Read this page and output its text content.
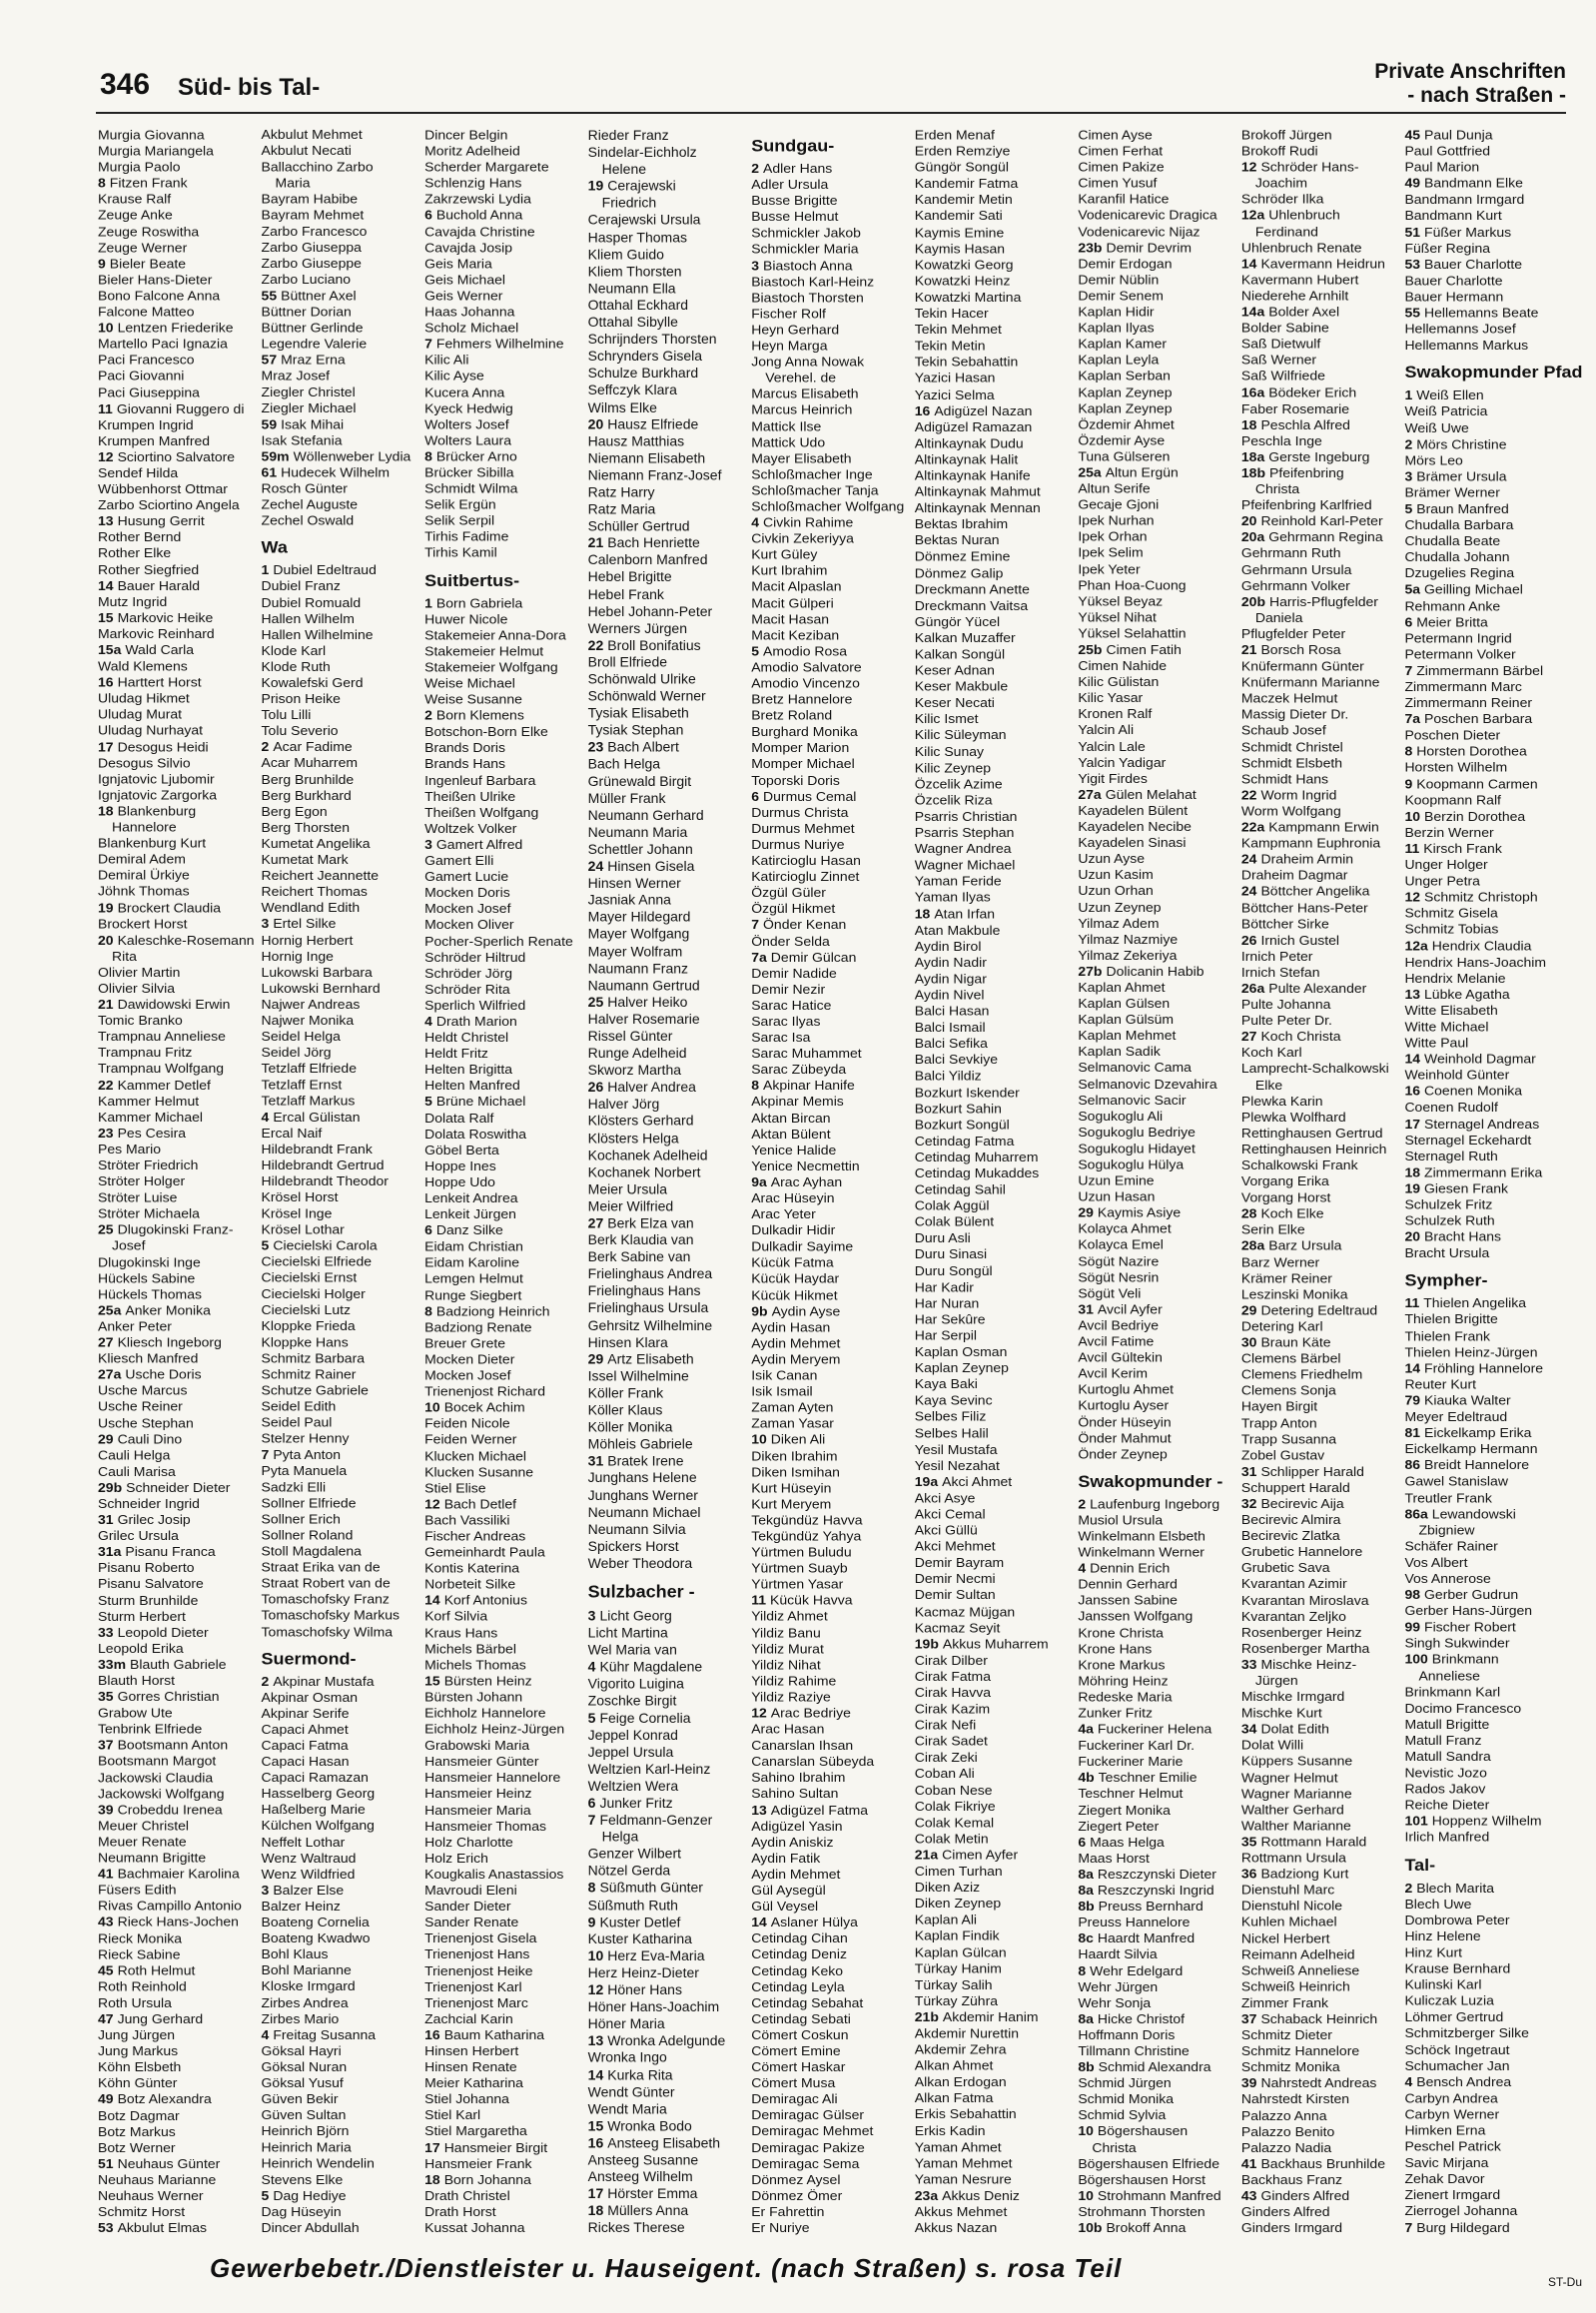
346 Süd- bis Tal-
Private Anschriften
- nach Straßen -
Murgia Giovanna
Murgia Mariangela
Murgia Paolo
8 Fitzen Frank
Krause Ralf
Zeuge Anke
Zeuge Roswitha
Zeuge Werner
9 Bieler Beate
Bieler Hans-Dieter
Bono Falcone Anna
Falcone Matteo
10 Lentzen Friederike
Martello Paci Ignazia
Paci Francesco
Paci Giovanni
Paci Giuseppina
11 Giovanni Ruggero di
Krumpen Ingrid
Krumpen Manfred
12 Sciortino Salvatore
Sendef Hilda
Wübbenhorst Ottmar
Zarbo Sciortino Angela
13 Husung Gerrit
Rother Bernd
Rother Elke
Rother Siegfried
14 Bauer Harald
Mutz Ingrid
15 Markovic Heike
Markovic Reinhard
15a Wald Carla
Wald Klemens
16 Harttert Horst
Uludag Hikmet
Uludag Murat
Uludag Nurhayat
17 Desogus Heidi
Desogus Silvio
Ignjatovic Ljubomir
Ignjatovic Zargorka
18 Blankenburg
Hannelore
Blankenburg Kurt
Demiral Adem
Demiral Ürkiye
Jöhnk Thomas
19 Brockert Claudia
Brockert Horst
20 Kaleschke-Rosemann
Rita
Olivier Martin
Olivier Silvia
21 Dawidowski Erwin
Tomic Branko
Trampnau Anneliese
Trampnau Fritz
Trampnau Wolfgang
22 Kammer Detlef
Kammer Helmut
Kammer Michael
23 Pes Cesira
Pes Mario
Ströter Friedrich
Ströter Holger
Ströter Luise
Ströter Michaela
25 Dlugokinski Franz-
Josef
Dlugokinski Inge
Hückels Sabine
Hückels Thomas
25a Anker Monika
Anker Peter
27 Kliesch Ingeborg
Kliesch Manfred
27a Usche Doris
Usche Marcus
Usche Reiner
Usche Stephan
29 Cauli Dino
Cauli Helga
Cauli Marisa
29b Schneider Dieter
Schneider Ingrid
31 Grilec Josip
Grilec Ursula
31a Pisanu Franca
Pisanu Roberto
Pisanu Salvatore
Sturm Brunhilde
Sturm Herbert
33 Leopold Dieter
Leopold Erika
33m Blauth Gabriele
Blauth Horst
35 Gorres Christian
Grabow Ute
Tenbrink Elfriede
37 Bootsmann Anton
Bootsmann Margot
Jackowski Claudia
Jackowski Wolfgang
39 Crobeddu Irenea
Meuer Christel
Meuer Renate
Neumann Brigitte
41 Bachmaier Karolina
Füsers Edith
Rivas Campillo Antonio
43 Rieck Hans-Jochen
Rieck Monika
Rieck Sabine
45 Roth Helmut
Roth Reinhold
Roth Ursula
47 Jung Gerhard
Jung Jürgen
Jung Markus
Köhn Elsbeth
Köhn Günter
49 Botz Alexandra
Botz Dagmar
Botz Markus
Botz Werner
51 Neuhaus Günter
Neuhaus Marianne
Neuhaus Werner
Schmitz Horst
53 Akbulut Elmas
Akbulut Mehmet
Akbulut Necati
Ballacchino Zarbo
Maria
Bayram Habibe
Bayram Mehmet
Zarbo Francesco
Zarbo Giuseppa
Zarbo Giuseppe
Zarbo Luciano
55 Büttner Axel
Büttner Dorian
Büttner Gerlinde
Legendre Valerie
57 Mraz Erna
Mraz Josef
Ziegler Christel
Ziegler Michael
59 Isak Mihai
Isak Stefania
59m Wöllenweber Lydia
61 Hudecek Wilhelm
Rosch Günter
Zechel Auguste
Zechel Oswald
Wa
1 Dubiel Edeltraud
Dubiel Franz
Dubiel Romuald
Hallen Wilhelm
Hallen Wilhelmine
Klode Karl
Klode Ruth
Kowalefski Gerd
Prison Heike
Tolu Lilli
Tolu Severio
2 Acar Fadime
Acar Muharrem
Berg Brunhilde
Berg Burkhard
Berg Egon
Berg Thorsten
Kumetat Angelika
Kumetat Mark
Reichert Jeannette
Reichert Thomas
Wendland Edith
3 Ertel Silke
Hornig Herbert
Hornig Inge
Lukowski Barbara
Lukowski Bernhard
Najwer Andreas
Najwer Monika
Seidel Helga
Seidel Jörg
Tetzlaff Elfriede
Tetzlaff Ernst
Tetzlaff Markus
4 Ercal Gülistan
Ercal Naif
Hildebrandt Frank
Hildebrandt Gertrud
Hildebrandt Theodor
Krösel Horst
Krösel Inge
Krösel Lothar
5 Ciecielski Carola
Ciecielski Elfriede
Ciecielski Ernst
Ciecielski Holger
Ciecielski Lutz
Kloppke Frieda
Kloppke Hans
Schmitz Barbara
Schmitz Rainer
Schutze Gabriele
Seidel Edith
Seidel Paul
Stelzer Henny
7 Pyta Anton
Pyta Manuela
Sadzki Elli
Sollner Elfriede
Sollner Erich
Sollner Roland
Stoll Magdalena
Straat Erika van de
Straat Robert van de
Tomaschofsky Franz
Tomaschofsky Markus
Tomaschofsky Wilma
Suermond-
2 Akpinar Mustafa
Akpinar Osman
Akpinar Serife
Capaci Ahmet
Capaci Fatma
Capaci Hasan
Capaci Ramazan
Hasselberg Georg
Haßelberg Marie
Külchen Wolfgang
Neffelt Lothar
Wenz Waltraud
Wenz Wildfried
3 Balzer Else
Balzer Heinz
Boateng Cornelia
Boateng Kwadwo
Bohl Klaus
Bohl Marianne
Kloske Irmgard
Zirbes Andrea
Zirbes Mario
4 Freitag Susanna
Göksal Hayri
Göksal Nuran
Göksal Yusuf
Güven Bekir
Güven Sultan
Heinrich Björn
Heinrich Maria
Heinrich Wendelin
Stevens Elke
5 Dag Hediye
Dag Hüseyin
Dincer Abdullah
Dincer Belgin
Moritz Adelheid
Scherder Margarete
Schlenzig Hans
Zakrzewski Lydia
6 Buchold Anna
Cavajda Christine
Cavajda Josip
Geis Maria
Geis Michael
Geis Werner
Haas Johanna
Scholz Michael
7 Fehmers Wilhelmine
Kilic Ali
Kilic Ayse
Kucera Anna
Kyeck Hedwig
Wolters Josef
Wolters Laura
8 Brücker Arno
Brücker Sibilla
Schmidt Wilma
Selik Ergün
Selik Serpil
Tirhis Fadime
Tirhis Kamil
Suitbertus-
1 Born Gabriela
Huwer Nicole
Stakemeier Anna-Dora
Stakemeier Helmut
Stakemeier Wolfgang
Weise Michael
Weise Susanne
2 Born Klemens
Botschon-Born Elke
Brands Doris
Brands Hans
Ingenleuf Barbara
Theißen Ulrike
Theißen Wolfgang
Woltzek Volker
3 Gamert Alfred
Gamert Elli
Gamert Lucie
Mocken Doris
Mocken Josef
Mocken Oliver
Pocher-Sperlich Renate
Schröder Hiltrud
Schröder Jörg
Schröder Rita
Sperlich Wilfried
4 Drath Marion
Heldt Christel
Heldt Fritz
Helten Brigitta
Helten Manfred
5 Brüne Michael
Dolata Ralf
Dolata Roswitha
Göbel Berta
Hoppe Ines
Hoppe Udo
Lenkeit Andrea
Lenkeit Jürgen
6 Danz Silke
Eidam Christian
Eidam Karoline
Lemgen Helmut
Runge Siegbert
8 Badziong Heinrich
Badziong Renate
Breuer Grete
Mocken Dieter
Mocken Josef
Trienenjost Richard
10 Bocek Achim
Feiden Nicole
Feiden Werner
Klucken Michael
Klucken Susanne
Stiel Elise
12 Bach Detlef
Bach Vassiliki
Fischer Andreas
Gemeinhardt Paula
Kontis Katerina
Norbeteit Silke
14 Korf Antonius
Korf Silvia
Kraus Hans
Michels Bärbel
Michels Thomas
15 Bürsten Heinz
Bürsten Johann
Eichholz Hannelore
Eichholz Heinz-Jürgen
Grabowski Maria
Hansmeier Günter
Hansmeier Hannelore
Hansmeier Heinz
Hansmeier Maria
Hansmeier Thomas
Holz Charlotte
Holz Erich
Kougkalis Anastassios
Mavroudi Eleni
Sander Dieter
Sander Renate
Trienenjost Gisela
Trienenjost Hans
Trienenjost Heike
Trienenjost Karl
Trienenjost Marc
Zachcial Karin
16 Baum Katharina
Hinsen Herbert
Hinsen Renate
Meier Katharina
Stiel Johanna
Stiel Karl
Stiel Margaretha
17 Hansmeier Birgit
Hansmeier Frank
18 Born Johanna
Drath Christel
Drath Horst
Kussat Johanna
Rieder Franz
Sindelar-Eichholz
Helene
19 Cerajewski
Friedrich
Cerajewski Ursula
Hasper Thomas
Kliem Guido
Kliem Thorsten
Neumann Ella
Ottahal Eckhard
Ottahal Sibylle
Schrijnders Thorsten
Schrynders Gisela
Schulze Burkhard
Seffczyk Klara
Wilms Elke
20 Hausz Elfriede
Hausz Matthias
Niemann Elisabeth
Niemann Franz-Josef
Ratz Harry
Ratz Maria
Schüller Gertrud
21 Bach Henriette
Calenborn Manfred
Hebel Brigitte
Hebel Frank
Hebel Johann-Peter
Werners Jürgen
22 Broll Bonifatius
Broll Elfriede
Schönwald Ulrike
Schönwald Werner
Tysiak Elisabeth
Tysiak Stephan
23 Bach Albert
Bach Helga
Grünewald Birgit
Müller Frank
Neumann Gerhard
Neumann Maria
Schettler Johann
24 Hinsen Gisela
Hinsen Werner
Jasniak Anna
Mayer Hildegard
Mayer Wolfgang
Mayer Wolfram
Naumann Franz
Naumann Gertrud
25 Halver Heiko
Halver Rosemarie
Rissel Günter
Runge Adelheid
Skworz Martha
26 Halver Andrea
Halver Jörg
Klösters Gerhard
Klösters Helga
Kochanek Adelheid
Kochanek Norbert
Meier Ursula
Meier Wilfried
27 Berk Elza van
Berk Klaudia van
Berk Sabine van
Frielinghaus Andrea
Frielinghaus Hans
Frielinghaus Ursula
Gehrsitz Wilhelmine
Hinsen Klara
29 Artz Elisabeth
Issel Wilhelmine
Köller Frank
Köller Klaus
Köller Monika
Möhleis Gabriele
31 Bratek Irene
Junghans Helene
Junghans Werner
Neumann Michael
Neumann Silvia
Spickers Horst
Weber Theodora
Sulzbacher -
3 Licht Georg
Licht Martina
Wel Maria van
4 Kühr Magdalene
Vigorito Luigina
Zoschke Birgit
5 Feige Cornelia
Jeppel Konrad
Jeppel Ursula
Weltzien Karl-Heinz
Weltzien Wera
6 Junker Fritz
7 Feldmann-Genzer
Helga
Genzer Wilbert
Nötzel Gerda
8 Süßmuth Günter
Süßmuth Ruth
9 Kuster Detlef
Kuster Katharina
10 Herz Eva-Maria
Herz Heinz-Dieter
12 Höner Hans
Höner Hans-Joachim
Höner Maria
13 Wronka Adelgunde
Wronka Ingo
14 Kurka Rita
Wendt Günter
Wendt Maria
15 Wronka Bodo
16 Ansteeg Elisabeth
Ansteeg Susanne
Ansteeg Wilhelm
17 Hörster Emma
18 Müllers Anna
Rickes Therese
Sundgau-
2 Adler Hans
Adler Ursula
Busse Brigitte
Busse Helmut
Schmickler Jakob
Schmickler Maria
3 Biastoch Anna
Biastoch Karl-Heinz
Biastoch Thorsten
Fischer Rolf
Heyn Gerhard
Heyn Marga
Jong Anna Nowak
Verehel. de
Marcus Elisabeth
Marcus Heinrich
Mattick Ilse
Mattick Udo
Mayer Elisabeth
Schloßmacher Inge
Schloßmacher Tanja
Schloßmacher Wolfgang
4 Civkin Rahime
Civkin Zekeriyya
Kurt Güley
Kurt Ibrahim
Macit Alpaslan
Macit Gülperi
Macit Hasan
Macit Keziban
5 Amodio Rosa
Amodio Salvatore
Amodio Vincenzo
Bretz Hannelore
Bretz Roland
Burghard Monika
Momper Marion
Momper Michael
Toporski Doris
6 Durmus Cemal
Durmus Christa
Durmus Mehmet
Durmus Nuriye
Katircioglu Hasan
Katircioglu Zinnet
Özgül Güler
Özgül Hikmet
7 Önder Kenan
Önder Selda
7a Demir Gülcan
Demir Nadide
Demir Nezir
Sarac Hatice
Sarac Ilyas
Sarac Isa
Sarac Muhammet
Sarac Zübeyda
8 Akpinar Hanife
Akpinar Memis
Aktan Bircan
Aktan Bülent
Yenice Halide
Yenice Necmettin
9a Arac Ayhan
Arac Hüseyin
Arac Yeter
Dulkadir Hidir
Dulkadir Sayime
Kücük Fatma
Kücük Haydar
Kücük Hikmet
9b Aydin Ayse
Aydin Hasan
Aydin Mehmet
Aydin Meryem
Isik Canan
Isik Ismail
Zaman Ayten
Zaman Yasar
10 Diken Ali
Diken Ibrahim
Diken Ismihan
Kurt Hüseyin
Kurt Meryem
Tekgündüz Havva
Tekgündüz Yahya
Yürtmen Buludu
Yürtmen Suayb
Yürtmen Yasar
11 Kücük Havva
Yildiz Ahmet
Yildiz Banu
Yildiz Murat
Yildiz Nihat
Yildiz Rahime
Yildiz Raziye
12 Arac Bedriye
Arac Hasan
Canarslan Ihsan
Canarslan Sübeyda
Sahino Ibrahim
Sahino Sultan
13 Adigüzel Fatma
Adigüzel Yasin
Aydin Aniskiz
Aydin Fatik
Aydin Mehmet
Gül Aysegül
Gül Veysel
14 Aslaner Hülya
Cetindag Cihan
Cetindag Deniz
Cetindag Keko
Cetindag Leyla
Cetindag Sebahat
Cetindag Sebati
Cömert Coskun
Cömert Emine
Cömert Haskar
Cömert Musa
Demiragac Ali
Demiragac Gülser
Demiragac Mehmet
Demiragac Pakize
Demiragac Sema
Dönmez Aysel
Dönmez Ömer
Er Fahrettin
Er Nuriye
Erden Menaf
Erden Remziye
Güngör Songül
Kandemir Fatma
Kandemir Metin
Kandemir Sati
Kaymis Emine
Kaymis Hasan
Kowatzki Georg
Kowatzki Heinz
Kowatzki Martina
Tekin Hacer
Tekin Mehmet
Tekin Metin
Tekin Sebahattin
Yazici Hasan
Yazici Selma
16 Adigüzel Nazan
Adigüzel Ramazan
Altinkaynak Dudu
Altinkaynak Halit
Altinkaynak Hanife
Altinkaynak Mahmut
Altinkaynak Mennan
Bektas Ibrahim
Bektas Nuran
Dönmez Emine
Dönmez Galip
Dreckmann Anette
Dreckmann Vaitsa
Güngör Yücel
Kalkan Muzaffer
Kalkan Songül
Keser Adnan
Keser Makbule
Keser Necati
Kilic Ismet
Kilic Süleyman
Kilic Sunay
Kilic Zeynep
Özcelik Azime
Özcelik Riza
Psarris Christian
Psarris Stephan
Wagner Andrea
Wagner Michael
Yaman Feride
Yaman Ilyas
18 Atan Irfan
Atan Makbule
Aydin Birol
Aydin Nadir
Aydin Nigar
Aydin Nivel
Balci Hasan
Balci Ismail
Balci Sefika
Balci Sevkiye
Balci Yildiz
Bozkurt Iskender
Bozkurt Sahin
Bozkurt Songül
Cetindag Fatma
Cetindag Muharrem
Cetindag Mukaddes
Cetindag Sahil
Colak Aggül
Colak Bülent
Duru Asli
Duru Sinasi
Duru Songül
Har Kadir
Har Nuran
Har Sekûre
Har Serpil
Kaplan Osman
Kaplan Zeynep
Kaya Baki
Kaya Sevinc
Selbes Filiz
Selbes Halil
Yesil Mustafa
Yesil Nezahat
19a Akci Ahmet
Akci Asye
Akci Cemal
Akci Güllü
Akci Mehmet
Demir Bayram
Demir Necmi
Demir Sultan
Kacmaz Müjgan
Kacmaz Seyit
19b Akkus Muharrem
Cirak Dilber
Cirak Fatma
Cirak Havva
Cirak Kazim
Cirak Nefi
Cirak Sadet
Cirak Zeki
Coban Ali
Coban Nese
Colak Fikriye
Colak Kemal
Colak Metin
21a Cimen Ayfer
Cimen Turhan
Diken Aziz
Diken Zeynep
Kaplan Ali
Kaplan Findik
Kaplan Gülcan
Türkay Hanim
Türkay Salih
Türkay Zühra
21b Akdemir Hanim
Akdemir Nurettin
Akdemir Zehra
Alkan Ahmet
Alkan Erdogan
Alkan Fatma
Erkis Sebahattin
Erkis Kadin
Yaman Ahmet
Yaman Mehmet
Yaman Nesrure
23a Akkus Deniz
Akkus Mehmet
Akkus Nazan
Cimen Ayse
Cimen Ferhat
Cimen Pakize
Cimen Yusuf
Karanfil Hatice
Vodenicarevic Dragica
Vodenicarevic Nijaz
23b Demir Devrim
Demir Erdogan
Demir Nüblin
Demir Senem
Kaplan Hidir
Kaplan Ilyas
Kaplan Kamer
Kaplan Leyla
Kaplan Serban
Kaplan Zeynep
Kaplan Zeynep
Özdemir Ahmet
Özdemir Ayse
Tuna Gülseren
25a Altun Ergün
Altun Serife
Gecaje Gjoni
Ipek Nurhan
Ipek Orhan
Ipek Selim
Ipek Yeter
Phan Hoa-Cuong
Yüksel Beyaz
Yüksel Nihat
Yüksel Selahattin
25b Cimen Fatih
Cimen Nahide
Kilic Gülistan
Kilic Yasar
Kronen Ralf
Yalcin Ali
Yalcin Lale
Yalcin Yadigar
Yigit Firdes
27a Gülen Melahat
Kayadelen Bülent
Kayadelen Necibe
Kayadelen Sinasi
Uzun Ayse
Uzun Kasim
Uzun Orhan
Uzun Zeynep
Yilmaz Adem
Yilmaz Nazmiye
Yilmaz Zekeriya
27b Dolicanin Habib
Kaplan Ahmet
Kaplan Gülsen
Kaplan Gülsüm
Kaplan Mehmet
Kaplan Sadik
Selmanovic Cama
Selmanovic Dzevahira
Selmanovic Sacir
Sogukoglu Ali
Sogukoglu Bedriye
Sogukoglu Hidayet
Sogukoglu Hülya
Uzun Emine
Uzun Hasan
29 Kaymis Asiye
Kolayca Ahmet
Kolayca Emel
Sögüt Nazire
Sögüt Nesrin
Sögüt Veli
31 Avcil Ayfer
Avcil Bedriye
Avcil Fatime
Avcil Gültekin
Avcil Kerim
Kurtoglu Ahmet
Kurtoglu Ayser
Önder Hüseyin
Önder Mahmut
Önder Zeynep
Swakopmunder -
2 Laufenburg Ingeborg
Musiol Ursula
Winkelmann Elsbeth
Winkelmann Werner
4 Dennin Erich
Dennin Gerhard
Janssen Sabine
Janssen Wolfgang
Krone Christa
Krone Hans
Krone Markus
Möhring Heinz
Redeske Maria
Zunker Fritz
4a Fuckeriner Helena
Fuckeriner Karl Dr.
Fuckeriner Marie
4b Teschner Emilie
Teschner Helmut
Ziegert Monika
Ziegert Peter
6 Maas Helga
Maas Horst
8a Reszczynski Dieter
8a Reszczynski Ingrid
8b Preuss Bernhard
Preuss Hannelore
8c Haardt Manfred
Haardt Silvia
8 Wehr Edelgard
Wehr Jürgen
Wehr Sonja
8a Hicke Christof
Hoffmann Doris
Tillmann Christine
8b Schmid Alexandra
Schmid Jürgen
Schmid Monika
Schmid Sylvia
10 Bögershausen
Christa
Bögershausen Elfriede
Bögershausen Horst
10 Strohmann Manfred
Strohmann Thorsten
10b Brokoff Anna
Brokoff Jürgen
Brokoff Rudi
12 Schröder Hans-
Joachim
Schröder Ilka
12a Uhlenbruch
Ferdinand
Uhlenbruch Renate
14 Kavermann Heidrun
Kavermann Hubert
Niederehe Arnhilt
14a Bolder Axel
Bolder Sabine
Saß Dietwulf
Saß Werner
Saß Wilfriede
16a Bödeker Erich
Faber Rosemarie
18 Peschla Alfred
Peschla Inge
18a Gerste Ingeburg
18b Pfeifenbring
Christa
Pfeifenbring Karlfried
20 Reinhold Karl-Peter
20a Gehrmann Regina
Gehrmann Ruth
Gehrmann Ursula
Gehrmann Volker
20b Harris-Pflugfelder
Daniela
Pflugfelder Peter
21 Borsch Rosa
Knüfermann Günter
Knüfermann Marianne
Maczek Helmut
Massig Dieter Dr.
Schaub Josef
Schmidt Christel
Schmidt Elsbeth
Schmidt Hans
22 Worm Ingrid
Worm Wolfgang
22a Kampmann Erwin
Kampmann Euphronia
24 Draheim Armin
Draheim Dagmar
24 Böttcher Angelika
Böttcher Hans-Peter
Böttcher Sirke
26 Irnich Gustel
Irnich Peter
Irnich Stefan
26a Pulte Alexander
Pulte Johanna
Pulte Peter Dr.
27 Koch Christa
Koch Karl
Lamprecht-Schalkowski
Elke
Plewka Karin
Plewka Wolfhard
Rettinghausen Gertrud
Rettinghausen Heinrich
Schalkowski Frank
Vorgang Erika
Vorgang Horst
28 Koch Elke
Serin Elke
28a Barz Ursula
Barz Werner
Krämer Reiner
Leszinski Monika
29 Detering Edeltraud
Detering Karl
30 Braun Käte
Clemens Bärbel
Clemens Friedhelm
Clemens Sonja
Hayen Birgit
Trapp Anton
Trapp Susanna
Zobel Gustav
31 Schlipper Harald
Schuppert Harald
32 Becirevic Aija
Becirevic Almira
Becirevic Zlatka
Grubetic Hannelore
Grubetic Sava
Kvarantan Azimir
Kvarantan Miroslava
Kvarantan Zeljko
Rosenberger Heinz
Rosenberger Martha
33 Mischke Heinz-
Jürgen
Mischke Irmgard
Mischke Kurt
34 Dolat Edith
Dolat Willi
Küppers Susanne
Wagner Helmut
Wagner Marianne
Walther Gerhard
Walther Marianne
35 Rottmann Harald
Rottmann Ursula
36 Badziong Kurt
Dienstuhl Marc
Dienstuhl Nicole
Kuhlen Michael
Nickel Herbert
Reimann Adelheid
Schweiß Anneliese
Schweiß Heinrich
Zimmer Frank
37 Schaback Heinrich
Schmitz Dieter
Schmitz Hannelore
Schmitz Monika
39 Nahrstedt Andreas
Nahrstedt Kirsten
Palazzo Anna
Palazzo Benito
Palazzo Nadia
41 Backhaus Brunhilde
Backhaus Franz
43 Ginders Alfred
Ginders Alfred
Ginders Irmgard
45 Paul Dunja
Paul Gottfried
Paul Marion
49 Bandmann Elke
Bandmann Irmgard
Bandmann Kurt
51 Füßer Markus
Füßer Regina
53 Bauer Charlotte
Bauer Charlotte
Bauer Hermann
55 Hellemanns Beate
Hellemanns Josef
Hellemanns Markus
Swakopmunder Pfad
1 Weiß Ellen
Weiß Patricia
Weiß Uwe
2 Mörs Christine
Mörs Leo
3 Brämer Ursula
Brämer Werner
5 Braun Manfred
Chudalla Barbara
Chudalla Beate
Chudalla Johann
Dzugelies Regina
5a Geilling Michael
Rehmann Anke
6 Meier Britta
Petermann Ingrid
Petermann Volker
7 Zimmermann Bärbel
Zimmermann Marc
Zimmermann Reiner
7a Poschen Barbara
Poschen Dieter
8 Horsten Dorothea
Horsten Wilhelm
9 Koopmann Carmen
Koopmann Ralf
10 Berzin Dorothea
Berzin Werner
11 Kirsch Frank
Unger Holger
Unger Petra
12 Schmitz Christoph
Schmitz Gisela
Schmitz Tobias
12a Hendrix Claudia
Hendrix Hans-Joachim
Hendrix Melanie
13 Lübke Agatha
Witte Elisabeth
Witte Michael
Witte Paul
14 Weinhold Dagmar
Weinhold Günter
16 Coenen Monika
Coenen Rudolf
17 Sternagel Andreas
Sternagel Eckehardt
Sternagel Ruth
18 Zimmermann Erika
19 Giesen Frank
Schulzek Fritz
Schulzek Ruth
20 Bracht Hans
Bracht Ursula
Sympher-
11 Thielen Angelika
Thielen Brigitte
Thielen Frank
Thielen Heinz-Jürgen
14 Fröhling Hannelore
Reuter Kurt
79 Kiauka Walter
Meyer Edeltraud
81 Eickelkamp Erika
Eickelkamp Hermann
86 Breidt Hannelore
Gawel Stanislaw
Treutler Frank
86a Lewandowski
Zbigniew
Schäfer Rainer
Vos Albert
Vos Annerose
98 Gerber Gudrun
Gerber Hans-Jürgen
99 Fischer Robert
Singh Sukwinder
100 Brinkmann
Anneliese
Brinkmann Karl
Docimo Francesco
Matull Brigitte
Matull Franz
Matull Sandra
Nevistic Jozo
Rados Jakov
Reiche Dieter
101 Hoppenz Wilhelm
Irlich Manfred
Tal-
2 Blech Marita
Blech Uwe
Dombrowa Peter
Hinz Helene
Hinz Kurt
Krause Bernhard
Kulinski Karl
Kuliczak Luzia
Löhmer Gertrud
Schmitzberger Silke
Schöck Ingetraut
Schumacher Jan
4 Bensch Andrea
Carbyn Andrea
Carbyn Werner
Himken Erna
Peschel Patrick
Savic Mirjana
Zehak Davor
Zienert Irmgard
Zierrogel Johanna
7 Burg Hildegard
Gewerbebetr./Dienstleister u. Hauseigent. (nach Straßen) s. rosa Teil	ST-Du
